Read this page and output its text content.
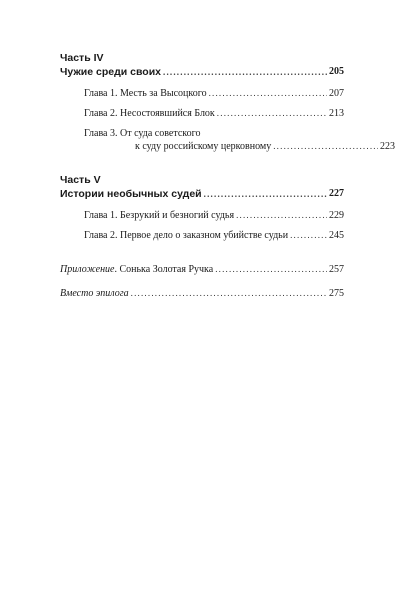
Часть IV
Чужие среди своих .....	205
Глава 1. Месть за Высоцкого .....	207
Глава 2. Несостоявшийся Блок .....	213
Глава 3. От суда советского
к суду российскому церковному .....	223
Часть V
Истории необычных судей .....	227
Глава 1. Безрукий и безногий судья .....	229
Глава 2. Первое дело о заказном убийстве судьи .....	245
Приложение. Сонька Золотая Ручка .....	257
Вместо эпилога .....	275
